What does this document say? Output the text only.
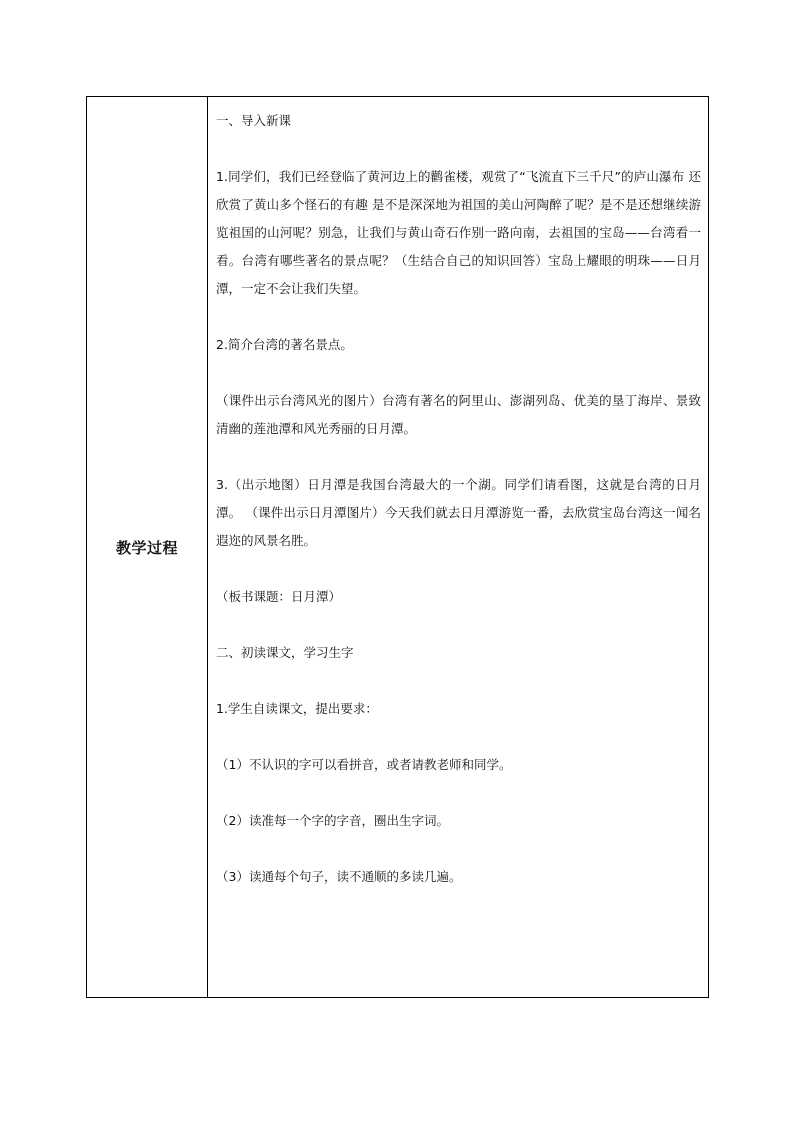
教学过程

一、导入新课

1.同学们，我们已经登临了黄河边上的鹳雀楼，观赏了“飞流直下三千尺”的庐山瀑布 还欣赏了黄山多个怪石的有趣 是不是深深地为祖国的美山河陶醉了呢？是不是还想继续游览祖国的山河呢？别急，让我们与黄山奇石作别一路向南，去祖国的宝岛——台湾看一看。台湾有哪些著名的景点呢？（生结合自己的知识回答）宝岛上耀眼的明珠——日月潭，一定不会让我们失望。

2.简介台湾的著名景点。

（课件出示台湾风光的图片）台湾有著名的阿里山、澎湖列岛、优美的垦丁海岸、景致清幽的莲池潭和风光秀丽的日月潭。

3.（出示地图）日月潭是我国台湾最大的一个湖。同学们请看图，这就是台湾的日月潭。 （课件出示日月潭图片）今天我们就去日月潭游览一番，去欣赏宝岛台湾这一闻名遐迩的风景名胜。

（板书课题：日月潭）

二、初读课文，学习生字

1.学生自读课文，提出要求：

（1）不认识的字可以看拼音，或者请教老师和同学。

（2）读准每一个字的字音，圈出生字词。

（3）读通每个句子，读不通顺的多读几遍。
